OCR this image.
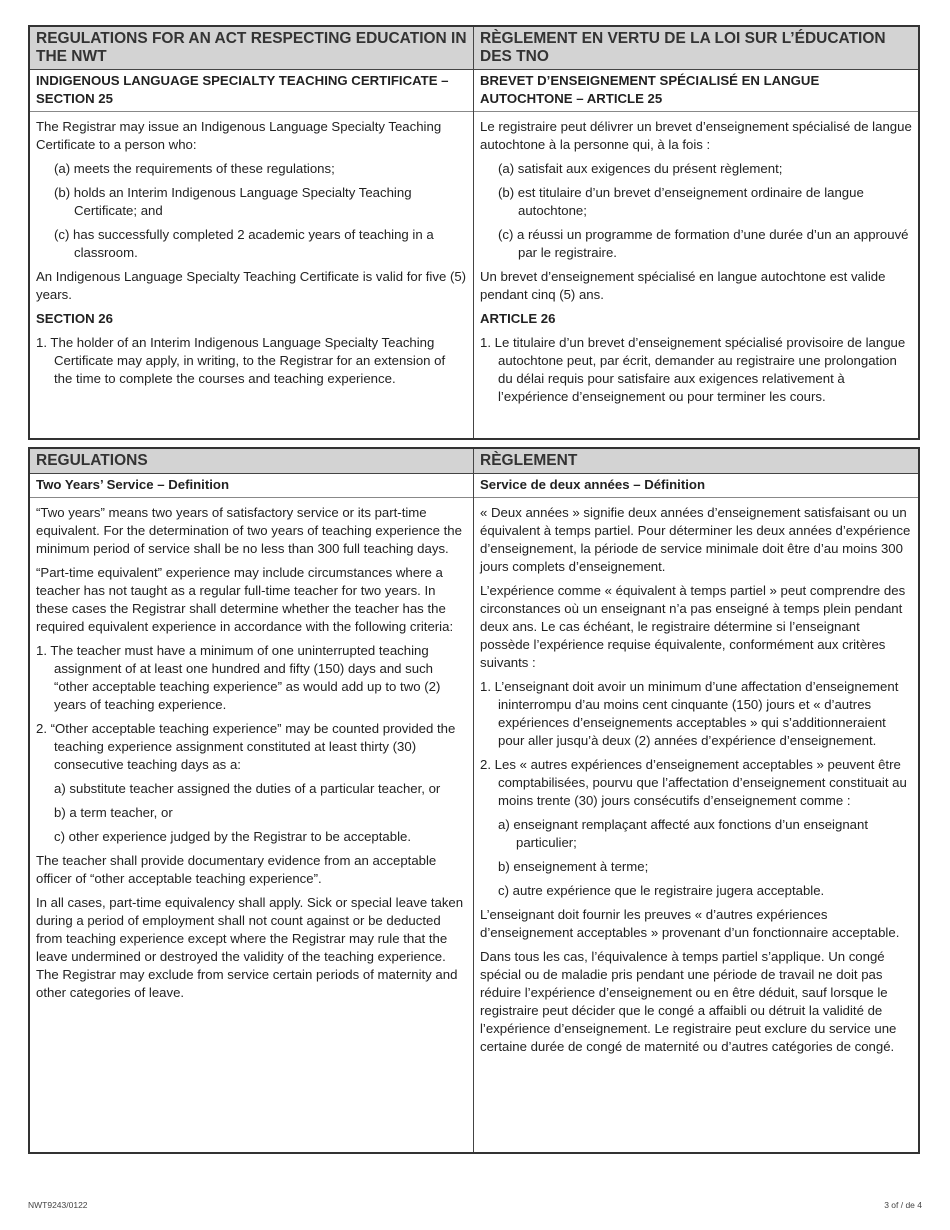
REGULATIONS FOR AN ACT RESPECTING EDUCATION IN THE NWT
INDIGENOUS LANGUAGE SPECIALTY TEACHING CERTIFICATE – SECTION 25
The Registrar may issue an Indigenous Language Specialty Teaching Certificate to a person who:
(a) meets the requirements of these regulations;
(b) holds an Interim Indigenous Language Specialty Teaching Certificate; and
(c) has successfully completed 2 academic years of teaching in a classroom.
An Indigenous Language Specialty Teaching Certificate is valid for five (5) years.
SECTION 26
1. The holder of an Interim Indigenous Language Specialty Teaching Certificate may apply, in writing, to the Registrar for an extension of the time to complete the courses and teaching experience.
RÈGLEMENT EN VERTU DE LA LOI SUR L’ÉDUCATION DES TNO
BREVET D’ENSEIGNEMENT SPÉCIALISÉ EN LANGUE AUTOCHTONE – ARTICLE 25
Le registraire peut délivrer un brevet d’enseignement spécialisé de langue autochtone à la personne qui, à la fois :
(a) satisfait aux exigences du présent règlement;
(b) est titulaire d’un brevet d’enseignement ordinaire de langue autochtone;
(c) a réussi un programme de formation d’une durée d’un an approuvé par le registraire.
Un brevet d’enseignement spécialisé en langue autochtone est valide pendant cinq (5) ans.
ARTICLE 26
1. Le titulaire d’un brevet d’enseignement spécialisé provisoire de langue autochtone peut, par écrit, demander au registraire une prolongation du délai requis pour satisfaire aux exigences relativement à l’expérience d’enseignement ou pour terminer les cours.
REGULATIONS
Two Years’ Service – Definition
“Two years” means two years of satisfactory service or its part-time equivalent. For the determination of two years of teaching experience the minimum period of service shall be no less than 300 full teaching days.
“Part-time equivalent” experience may include circumstances where a teacher has not taught as a regular full-time teacher for two years. In these cases the Registrar shall determine whether the teacher has the required equivalent experience in accordance with the following criteria:
1. The teacher must have a minimum of one uninterrupted teaching assignment of at least one hundred and fifty (150) days and such “other acceptable teaching experience” as would add up to two (2) years of teaching experience.
2. “Other acceptable teaching experience” may be counted provided the teaching experience assignment constituted at least thirty (30) consecutive teaching days as a:
a) substitute teacher assigned the duties of a particular teacher, or
b) a term teacher, or
c) other experience judged by the Registrar to be acceptable.
The teacher shall provide documentary evidence from an acceptable officer of “other acceptable teaching experience”.
In all cases, part-time equivalency shall apply. Sick or special leave taken during a period of employment shall not count against or be deducted from teaching experience except where the Registrar may rule that the leave undermined or destroyed the validity of the teaching experience. The Registrar may exclude from service certain periods of maternity and other categories of leave.
RÈGLEMENT
Service de deux années – Définition
« Deux années » signifie deux années d’enseignement satisfaisant ou un équivalent à temps partiel. Pour déterminer les deux années d’expérience d’enseignement, la période de service minimale doit être d’au moins 300 jours complets d’enseignement.
L’expérience comme « équivalent à temps partiel » peut comprendre des circonstances où un enseignant n’a pas enseigné à temps plein pendant deux ans. Le cas échéant, le registraire détermine si l’enseignant possède l’expérience requise équivalente, conformément aux critères suivants :
1. L’enseignant doit avoir un minimum d’une affectation d’enseignement ininterrompu d’au moins cent cinquante (150) jours et « d’autres expériences d’enseignements acceptables » qui s’additionneraient pour aller jusqu’à deux (2) années d’expérience d’enseignement.
2. Les « autres expériences d’enseignement acceptables » peuvent être comptabilisées, pourvu que l’affectation d’enseignement constituait au moins trente (30) jours consécutifs d’enseignement comme :
a) enseignant remplaçant affecté aux fonctions d’un enseignant particulier;
b) enseignement à terme;
c) autre expérience que le registraire jugera acceptable.
L’enseignant doit fournir les preuves « d’autres expériences d’enseignement acceptables » provenant d’un fonctionnaire acceptable.
Dans tous les cas, l’équivalence à temps partiel s’applique. Un congé spécial ou de maladie pris pendant une période de travail ne doit pas réduire l’expérience d’enseignement ou en être déduit, sauf lorsque le registraire peut décider que le congé a affaibli ou détruit la validité de l’expérience d’enseignement. Le registraire peut exclure du service une certaine durée de congé de maternité ou d’autres catégories de congé.
NWT9243/0122	3 of / de 4
